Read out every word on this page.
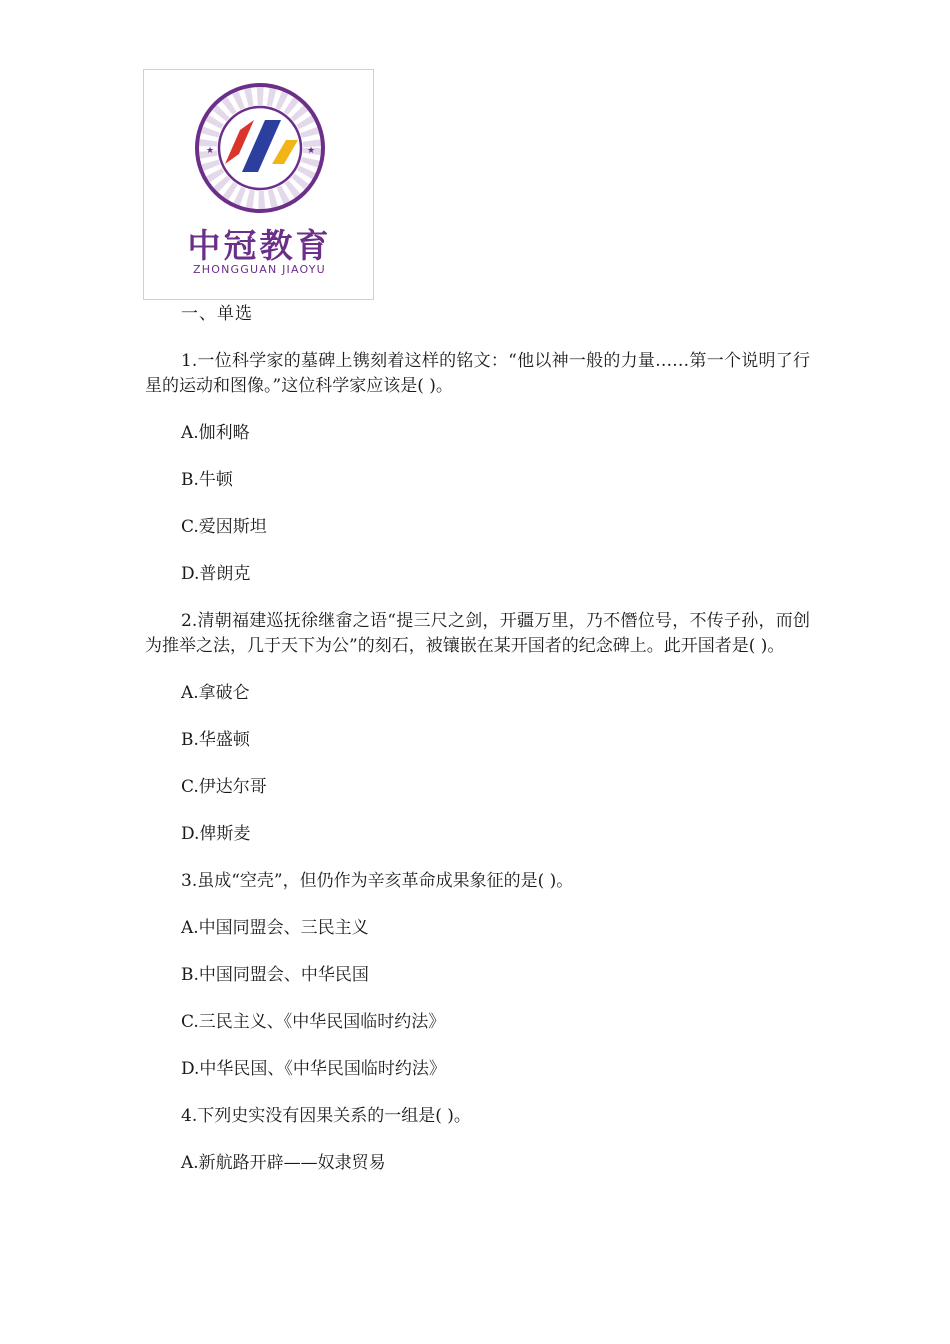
★	★
中冠教育
ZHONGGUAN JIAOYU

一、单选

1.一位科学家的墓碑上镌刻着这样的铭文：“他以神一般的力量……第一个说明了行星的运动和图像。”这位科学家应该是( )。

A.伽利略

B.牛顿

C.爱因斯坦

D.普朗克

2.清朝福建巡抚徐继畲之语“提三尺之剑，开疆万里，乃不僭位号，不传子孙，而创为推举之法，几于天下为公”的刻石，被镶嵌在某开国者的纪念碑上。此开国者是( )。

A.拿破仑

B.华盛顿

C.伊达尔哥

D.俾斯麦

3.虽成“空壳”，但仍作为辛亥革命成果象征的是( )。

A.中国同盟会、三民主义

B.中国同盟会、中华民国

C.三民主义、《中华民国临时约法》

D.中华民国、《中华民国临时约法》

4.下列史实没有因果关系的一组是( )。

A.新航路开辟——奴隶贸易
